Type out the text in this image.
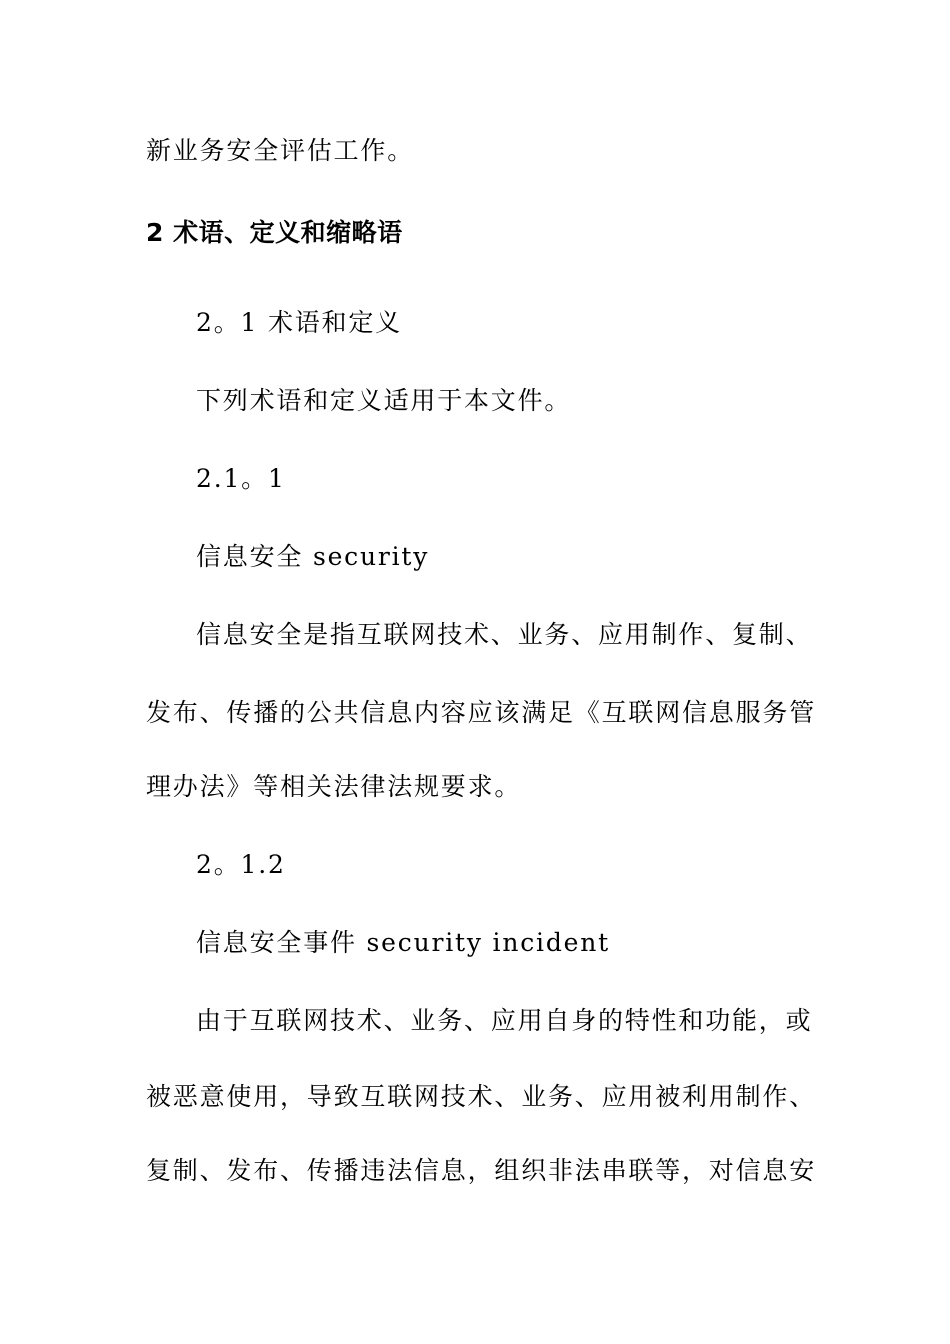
新业务安全评估工作。
2 术语、定义和缩略语
2。1 术语和定义
下列术语和定义适用于本文件。
2.1。1
信息安全 security
信息安全是指互联网技术、业务、应用制作、复制、
发布、传播的公共信息内容应该满足《互联网信息服务管
理办法》等相关法律法规要求。
2。1.2
信息安全事件 security incident
由于互联网技术、业务、应用自身的特性和功能，或
被恶意使用，导致互联网技术、业务、应用被利用制作、
复制、发布、传播违法信息，组织非法串联等，对信息安
